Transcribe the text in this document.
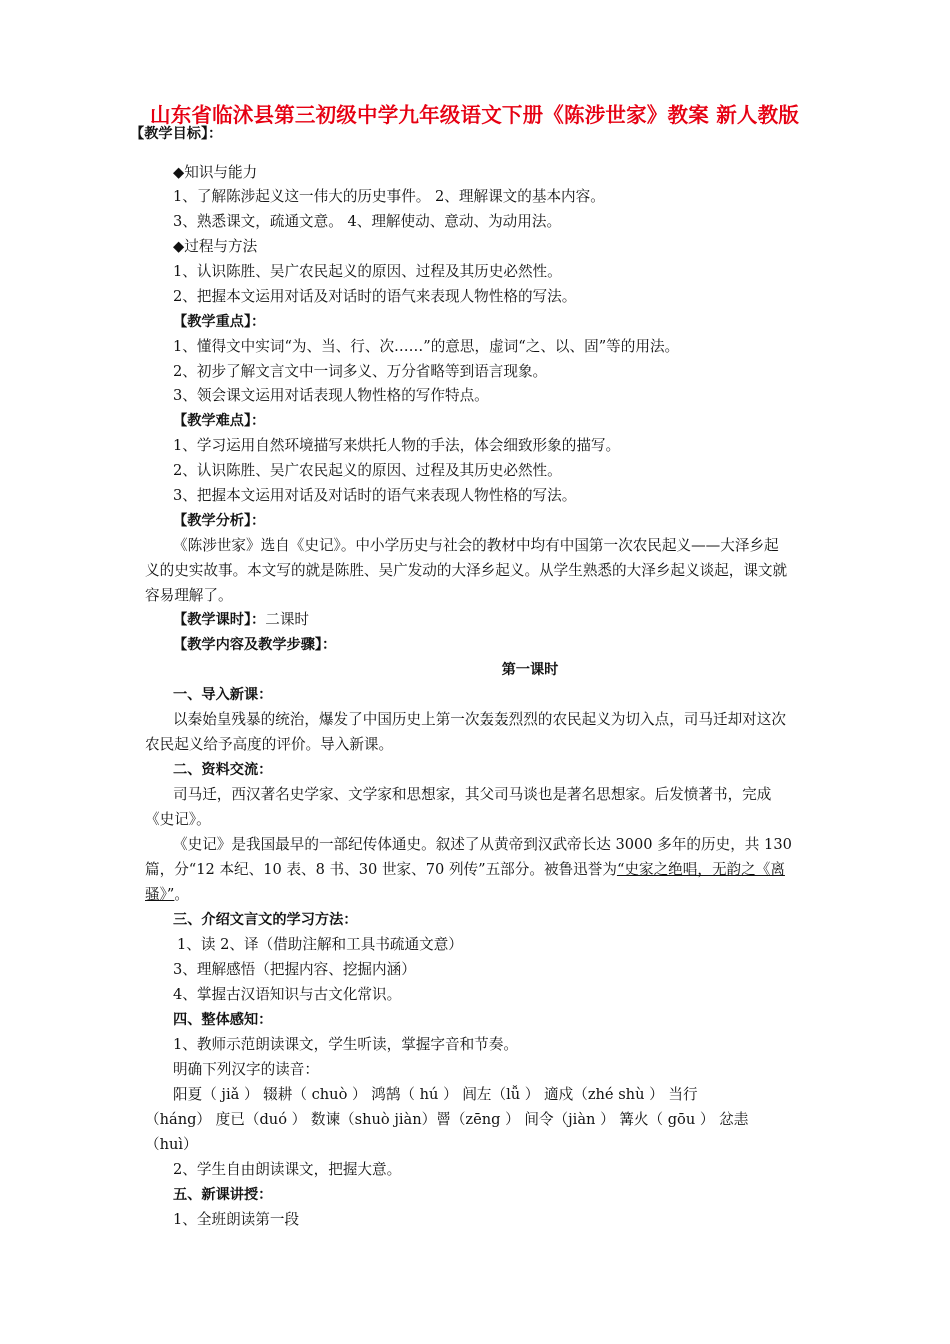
山东省临沭县第三初级中学九年级语文下册《陈涉世家》教案 新人教版
【教学目标】：
◆知识与能力
1、了解陈涉起义这一伟大的历史事件。 2、理解课文的基本内容。
3、熟悉课文，疏通文意。 4、理解使动、意动、为动用法。
◆过程与方法
1、认识陈胜、吴广农民起义的原因、过程及其历史必然性。
2、把握本文运用对话及对话时的语气来表现人物性格的写法。
【教学重点】：
1、懂得文中实词“为、当、行、次……”的意思，虚词“之、以、固”等的用法。
2、初步了解文言文中一词多义、万分省略等到语言现象。
3、领会课文运用对话表现人物性格的写作特点。
【教学难点】：
1、学习运用自然环境描写来烘托人物的手法，体会细致形象的描写。
2、认识陈胜、吴广农民起义的原因、过程及其历史必然性。
3、把握本文运用对话及对话时的语气来表现人物性格的写法。
【教学分析】：
《陈涉世家》选自《史记》。中小学历史与社会的教材中均有中国第一次农民起义——大泽乡起
义的史实故事。本文写的就是陈胜、吴广发动的大泽乡起义。从学生熟悉的大泽乡起义谈起，课文就
容易理解了。
【教学课时】：二课时
【教学内容及教学步骤】：
第一课时
一、导入新课：
以秦始皇残暴的统治，爆发了中国历史上第一次轰轰烈烈的农民起义为切入点，司马迁却对这次
农民起义给予高度的评价。导入新课。
二、资料交流：
司马迁，西汉著名史学家、文学家和思想家，其父司马谈也是著名思想家。后发愤著书，完成
《史记》。
《史记》是我国最早的一部纪传体通史。叙述了从黄帝到汉武帝长达 3000 多年的历史，共 130
篇，分“12 本纪、10 表、8 书、30 世家、70 列传”五部分。被鲁迅誉为“史家之绝唱，无韵之《离
骚》”。
三、介绍文言文的学习方法：
1、读 2、译（借助注解和工具书疏通文意）
3、理解感悟（把握内容、挖掘内涵）
4、掌握古汉语知识与古文化常识。
四、整体感知：
1、教师示范朗读课文，学生听读，掌握字音和节奏。
明确下列汉字的读音：
阳夏（ jiǎ ） 辍耕（ chuò ） 鸿鹄（ hú ） 闾左（lǚ ） 適戍（zhé shù ） 当行
（háng） 度已（duó ） 数谏（shuò jiàn）罾（zēng ） 间令（jiàn ） 篝火（ gōu ） 忿恚
（huì）
2、学生自由朗读课文，把握大意。
五、新课讲授：
1、全班朗读第一段
